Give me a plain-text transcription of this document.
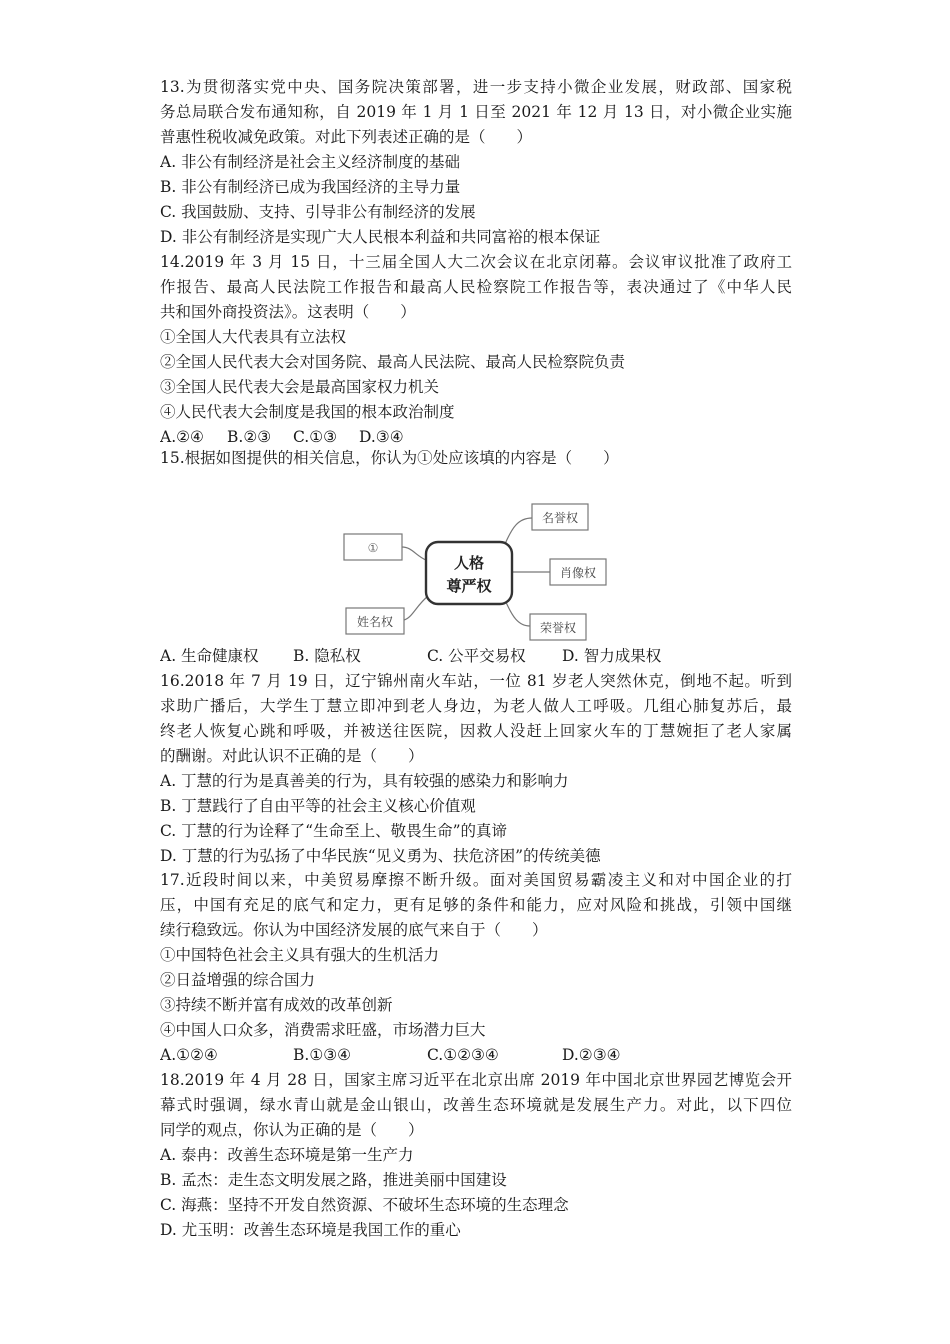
13.为贯彻落实党中央、国务院决策部署，进一步支持小微企业发展，财政部、国家税
务总局联合发布通知称，自 2019 年 1 月 1 日至 2021 年 12 月 13 日，对小微企业实施
普惠性税收减免政策。对此下列表述正确的是（　　）
A. 非公有制经济是社会主义经济制度的基础
B. 非公有制经济已成为我国经济的主导力量
C. 我国鼓励、支持、引导非公有制经济的发展
D. 非公有制经济是实现广大人民根本利益和共同富裕的根本保证
14.2019 年 3 月 15 日，十三届全国人大二次会议在北京闭幕。会议审议批准了政府工
作报告、最高人民法院工作报告和最高人民检察院工作报告等，表决通过了《中华人民
共和国外商投资法》。这表明（　　）
①全国人大代表具有立法权
②全国人民代表大会对国务院、最高人民法院、最高人民检察院负责
③全国人民代表大会是最高国家权力机关
④人民代表大会制度是我国的根本政治制度
A.②④	B.②③	C.①③	D.③④
15.根据如图提供的相关信息，你认为①处应该填的内容是（　　）
人格
尊严权
①
姓名权
名誉权
肖像权
荣誉权
A. 生命健康权	B. 隐私权	C. 公平交易权	D. 智力成果权
16.2018 年 7 月 19 日，辽宁锦州南火车站，一位 81 岁老人突然休克，倒地不起。听到
求助广播后，大学生丁慧立即冲到老人身边，为老人做人工呼吸。几组心肺复苏后，最
终老人恢复心跳和呼吸，并被送往医院，因救人没赶上回家火车的丁慧婉拒了老人家属
的酬谢。对此认识不正确的是（　　）
A. 丁慧的行为是真善美的行为，具有较强的感染力和影响力
B. 丁慧践行了自由平等的社会主义核心价值观
C. 丁慧的行为诠释了“生命至上、敬畏生命”的真谛
D. 丁慧的行为弘扬了中华民族“见义勇为、扶危济困”的传统美德
17.近段时间以来，中美贸易摩擦不断升级。面对美国贸易霸凌主义和对中国企业的打
压，中国有充足的底气和定力，更有足够的条件和能力，应对风险和挑战，引领中国继
续行稳致远。你认为中国经济发展的底气来自于（　　）
①中国特色社会主义具有强大的生机活力
②日益增强的综合国力
③持续不断并富有成效的改革创新
④中国人口众多，消费需求旺盛，市场潜力巨大
A.①②④	B.①③④	C.①②③④	D.②③④
18.2019 年 4 月 28 日，国家主席习近平在北京出席 2019 年中国北京世界园艺博览会开
幕式时强调，绿水青山就是金山银山，改善生态环境就是发展生产力。对此，以下四位
同学的观点，你认为正确的是（　　）
A. 泰冉：改善生态环境是第一生产力
B. 孟杰：走生态文明发展之路，推进美丽中国建设
C. 海燕：坚持不开发自然资源、不破坏生态环境的生态理念
D. 尤玉明：改善生态环境是我国工作的重心
